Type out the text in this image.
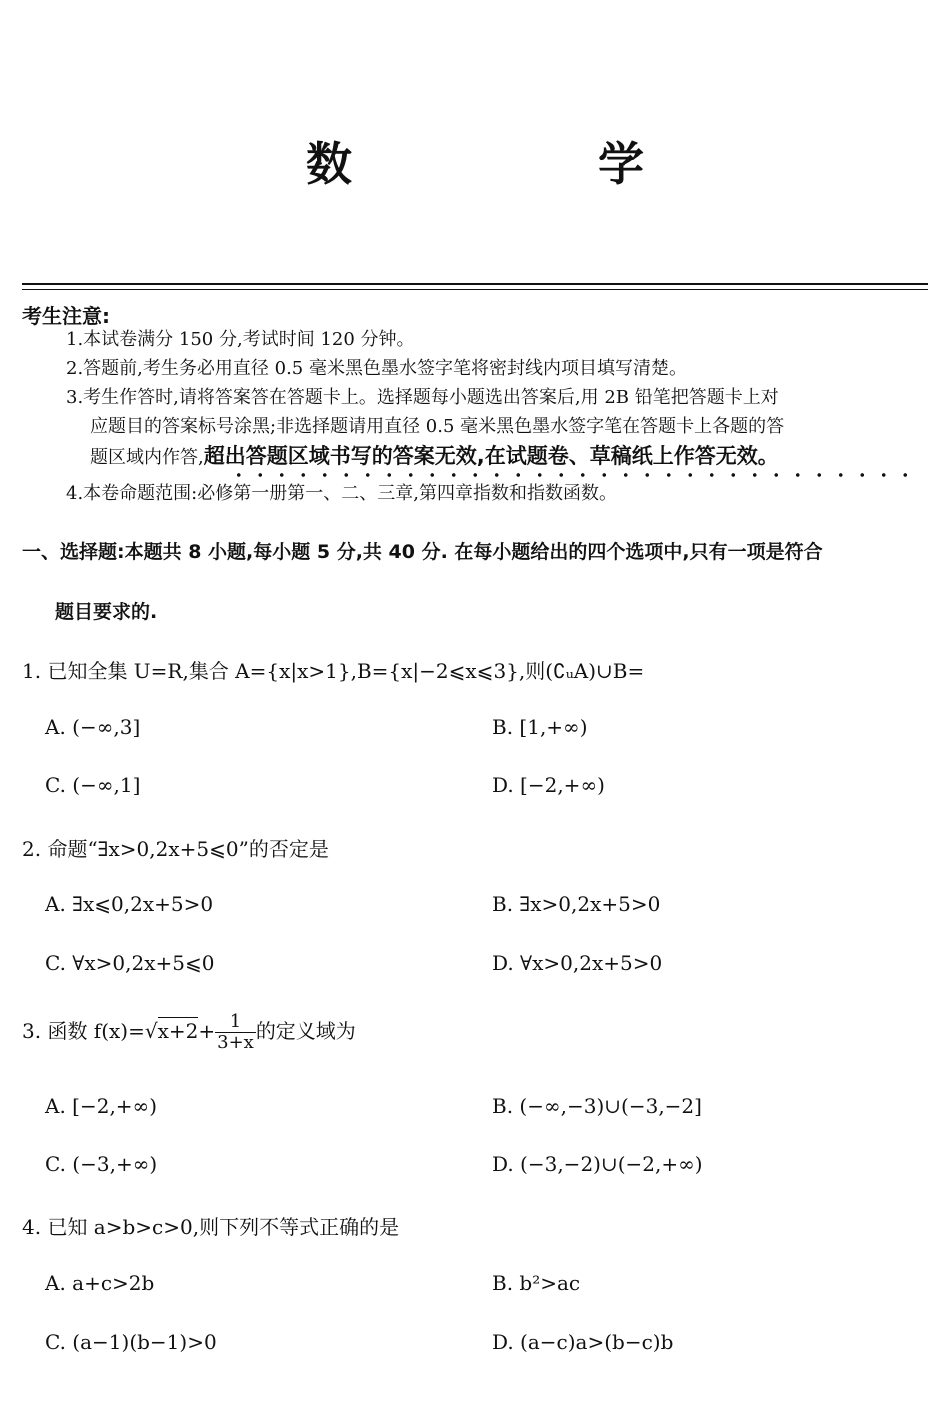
数　学
考生注意:
1.本试卷满分 150 分,考试时间 120 分钟。
2.答题前,考生务必用直径 0.5 毫米黑色墨水签字笔将密封线内项目填写清楚。
3.考生作答时,请将答案答在答题卡上。选择题每小题选出答案后,用 2B 铅笔把答题卡上对
应题目的答案标号涂黑;非选择题请用直径 0.5 毫米黑色墨水签字笔在答题卡上各题的答
题区域内作答,超出答题区域书写的答案无效,在试题卷、草稿纸上作答无效。
4.本卷命题范围:必修第一册第一、二、三章,第四章指数和指数函数。
一、选择题:本题共 8 小题,每小题 5 分,共 40 分. 在每小题给出的四个选项中,只有一项是符合
题目要求的.
1. 已知全集 U=R,集合 A={x|x>1},B={x|−2⩽x⩽3},则(∁ᵤA)∪B=
A. (−∞,3]	B. [1,+∞)
C. (−∞,1]	D. [−2,+∞)
2. 命题“∃x>0,2x+5⩽0”的否定是
A. ∃x⩽0,2x+5>0	B. ∃x>0,2x+5>0
C. ∀x>0,2x+5⩽0	D. ∀x>0,2x+5>0
3. 函数 $f(x)=√x+2+ \frac{1}{3+x}$ 的定义域为
A. [−2,+∞)	B. (−∞,−3)∪(−3,−2]
C. (−3,+∞)	D. (−3,−2)∪(−2,+∞)
4. 已知 a>b>c>0,则下列不等式正确的是
A. a+c>2b	B. b²>ac
C. (a−1)(b−1)>0	D. (a−c)a>(b−c)b
